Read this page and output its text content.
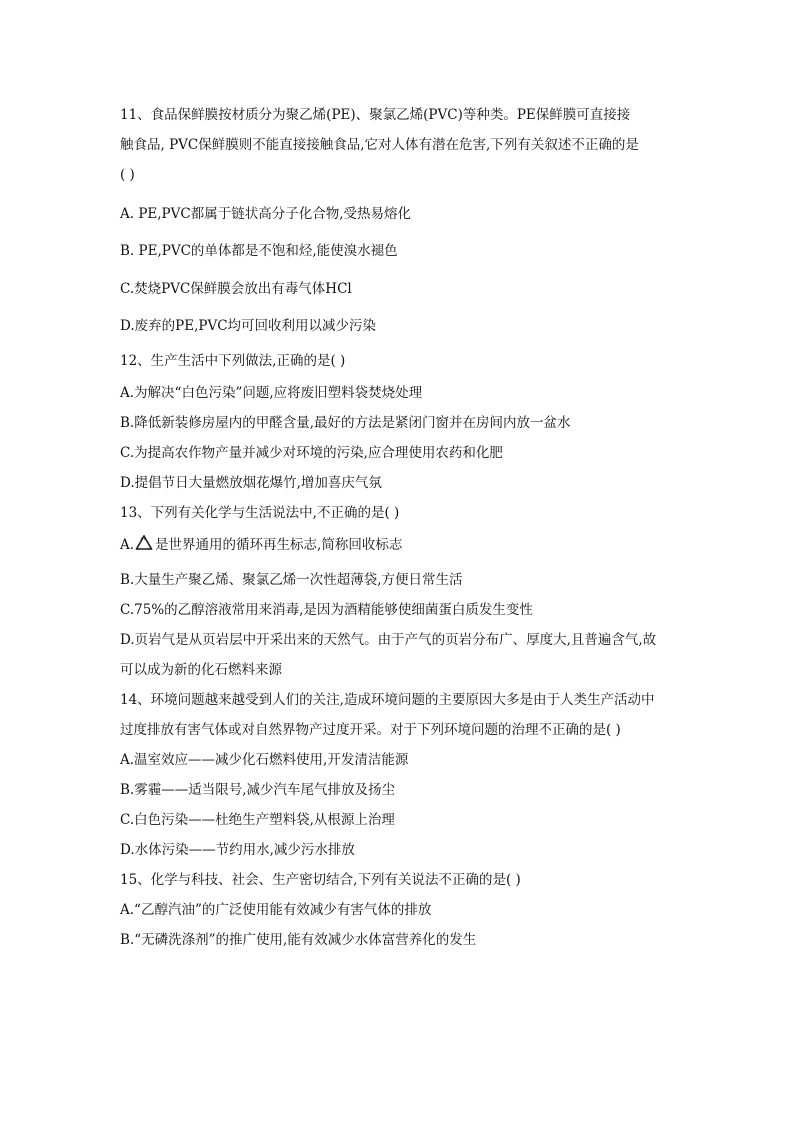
11、食品保鲜膜按材质分为聚乙烯(PE)、聚氯乙烯(PVC)等种类。PE保鲜膜可直接接
触食品, PVC保鲜膜则不能直接接触食品,它对人体有潜在危害,下列有关叙述不正确的是
( )
A. PE,PVC都属于链状高分子化合物,受热易熔化
B. PE,PVC的单体都是不饱和烃,能使溴水褪色
C.焚烧PVC保鲜膜会放出有毒气体HCl
D.废弃的PE,PVC均可回收利用以减少污染
12、生产生活中下列做法,正确的是( )
A.为解决“白色污染”问题,应将废旧塑料袋焚烧处理
B.降低新装修房屋内的甲醛含量,最好的方法是紧闭门窗并在房间内放一盆水
C.为提高农作物产量并减少对环境的污染,应合理使用农药和化肥
D.提倡节日大量燃放烟花爆竹,增加喜庆气氛
13、下列有关化学与生活说法中,不正确的是( )
A. 是世界通用的循环再生标志,简称回收标志
B.大量生产聚乙烯、聚氯乙烯一次性超薄袋,方便日常生活
C.75%的乙醇溶液常用来消毒,是因为酒精能够使细菌蛋白质发生变性
D.页岩气是从页岩层中开采出来的天然气。由于产气的页岩分布广、厚度大,且普遍含气,故
可以成为新的化石燃料来源
14、环境问题越来越受到人们的关注,造成环境问题的主要原因大多是由于人类生产活动中
过度排放有害气体或对自然界物产过度开采。对于下列环境问题的治理不正确的是( )
A.温室效应——减少化石燃料使用,开发清洁能源
B.雾霾——适当限号,减少汽车尾气排放及扬尘
C.白色污染——杜绝生产塑料袋,从根源上治理
D.水体污染——节约用水,减少污水排放
15、化学与科技、社会、生产密切结合,下列有关说法不正确的是( )
A.“乙醇汽油”的广泛使用能有效减少有害气体的排放
B.“无磷洗涤剂”的推广使用,能有效减少水体富营养化的发生
